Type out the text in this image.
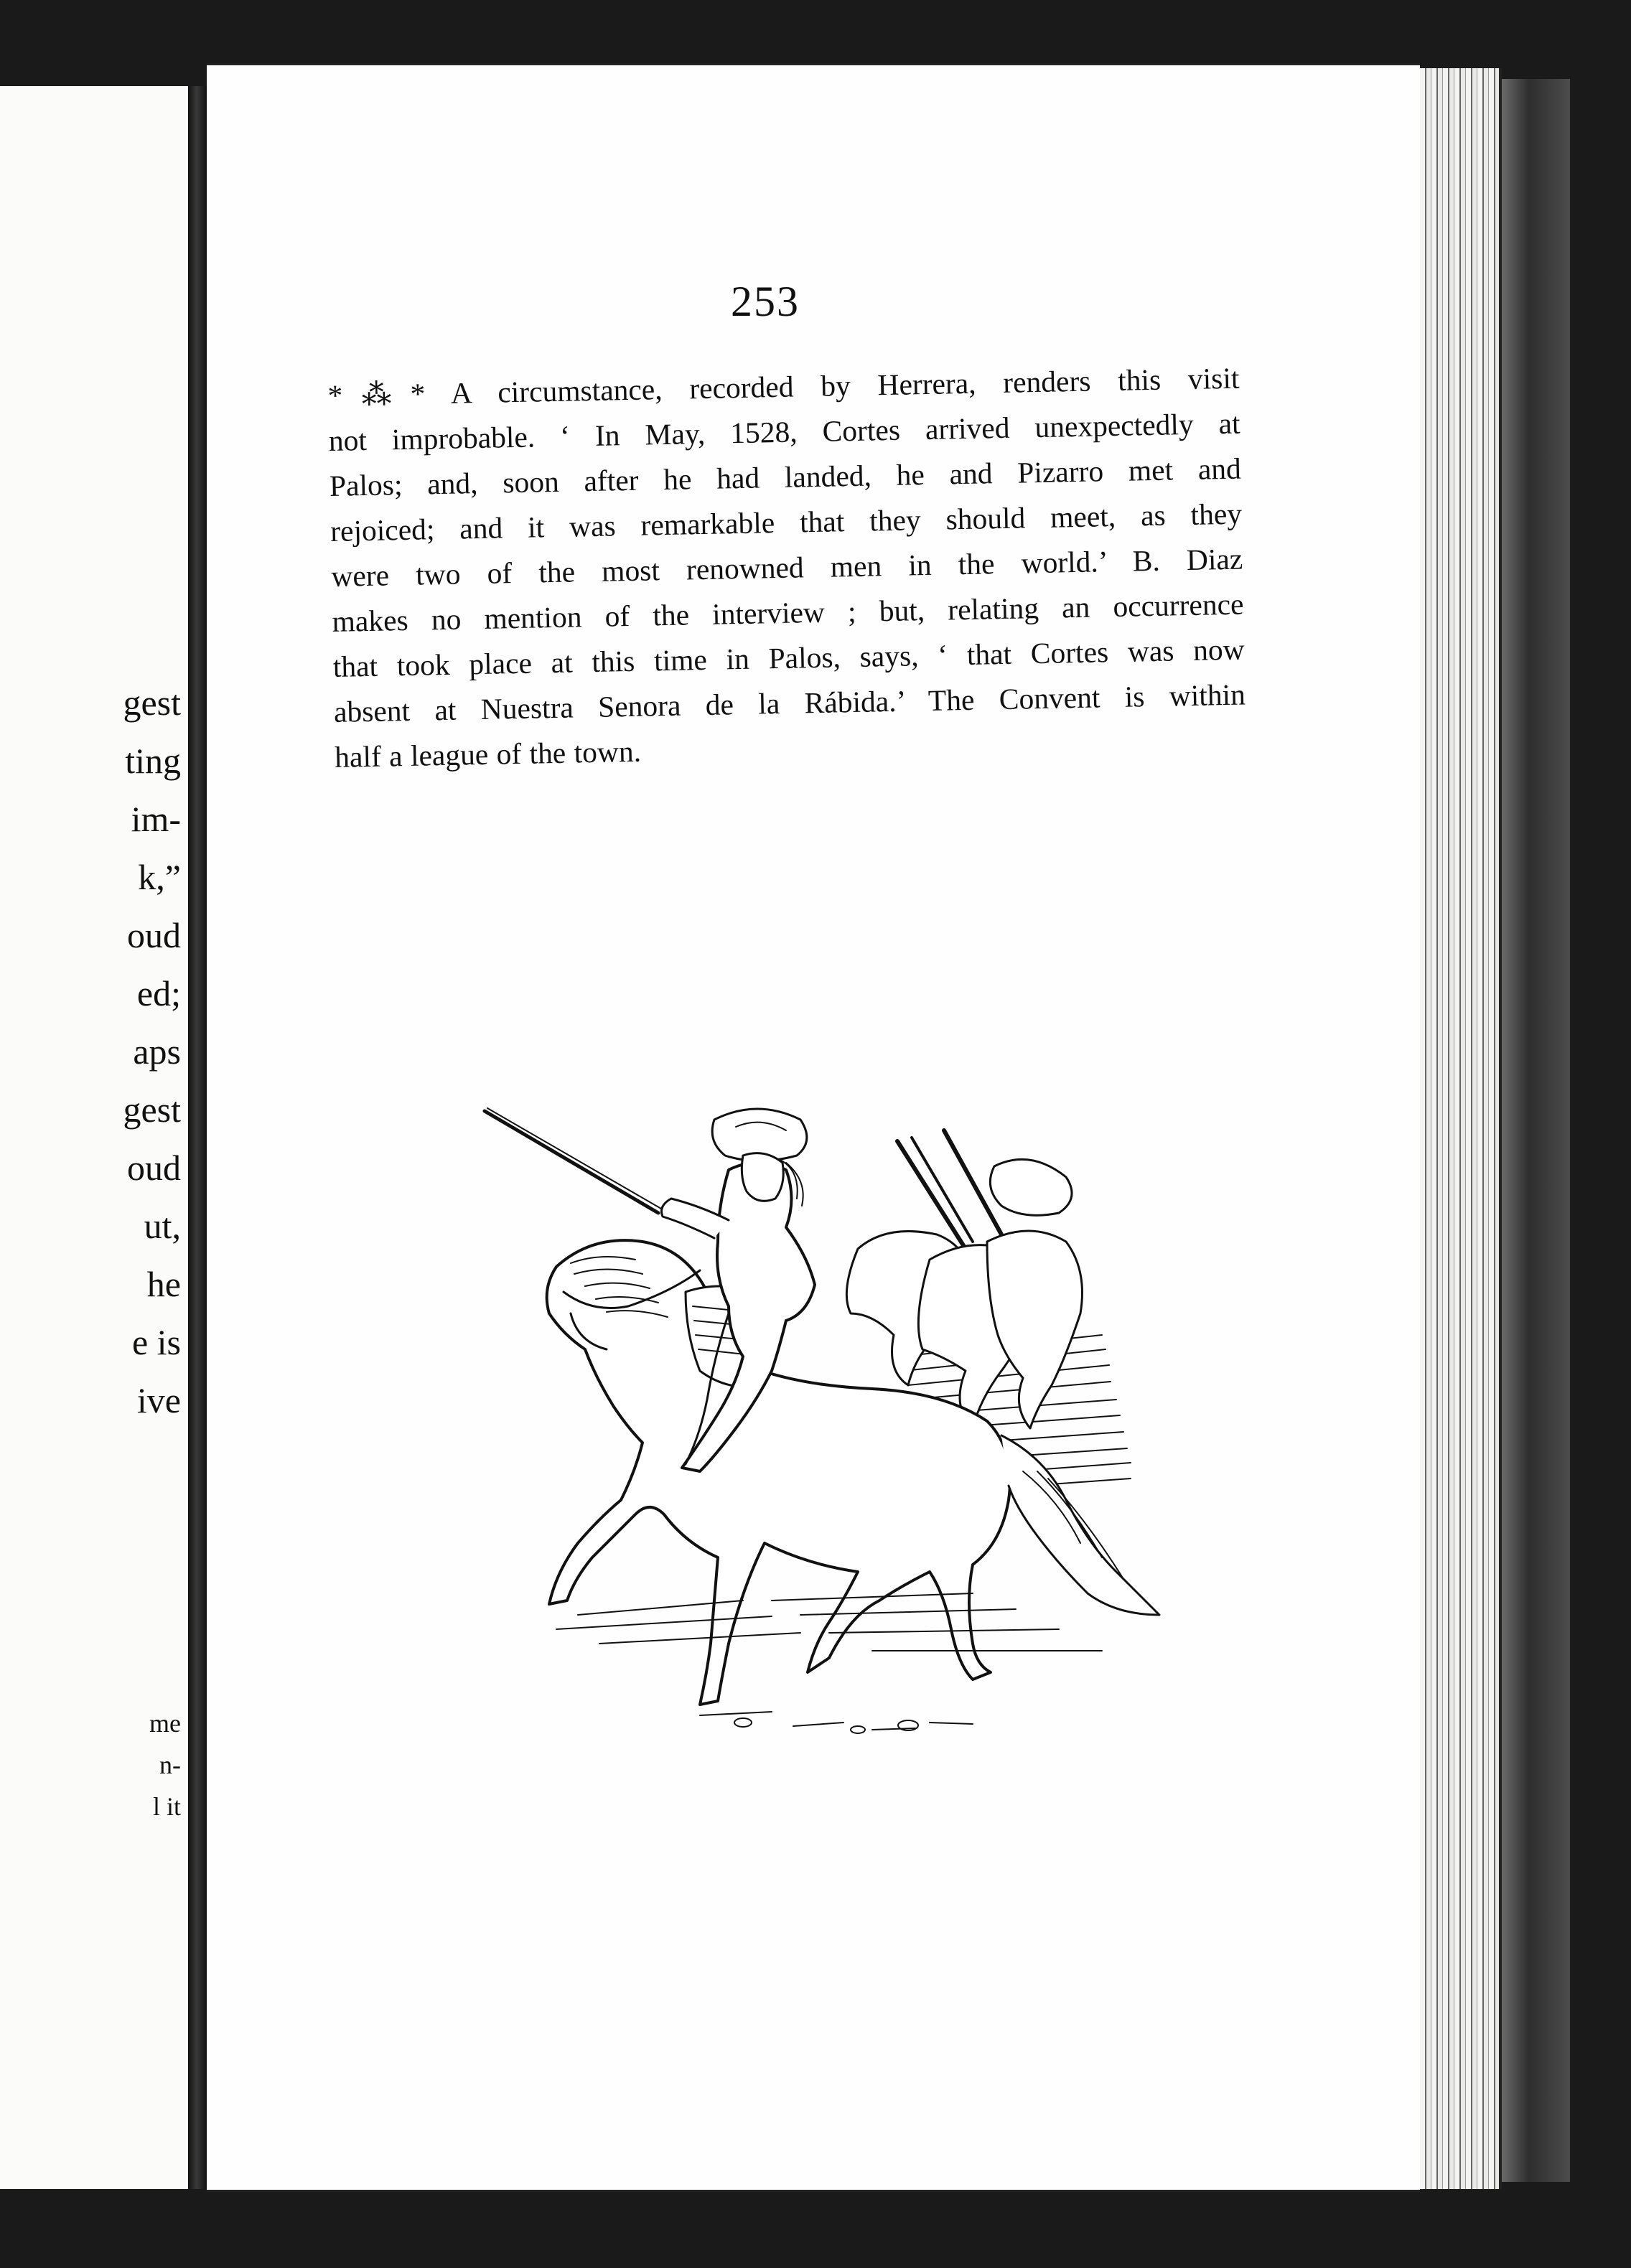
gest
ting
im-
k,”
oud
ed;
aps
gest
oud
ut,
he
e is
ive
me
n-
l it
253
*⁂* A circumstance, recorded by Herrera, renders this visit
not improbable. ‘ In May, 1528, Cortes arrived unexpectedly at
Palos; and, soon after he had landed, he and Pizarro met and
rejoiced; and it was remarkable that they should meet, as they
were two of the most renowned men in the world.’ B. Diaz
makes no mention of the interview ; but, relating an occurrence
that took place at this time in Palos, says, ‘ that Cortes was now
absent at Nuestra Senora de la Rábida.’ The Convent is within
half a league of the town.
